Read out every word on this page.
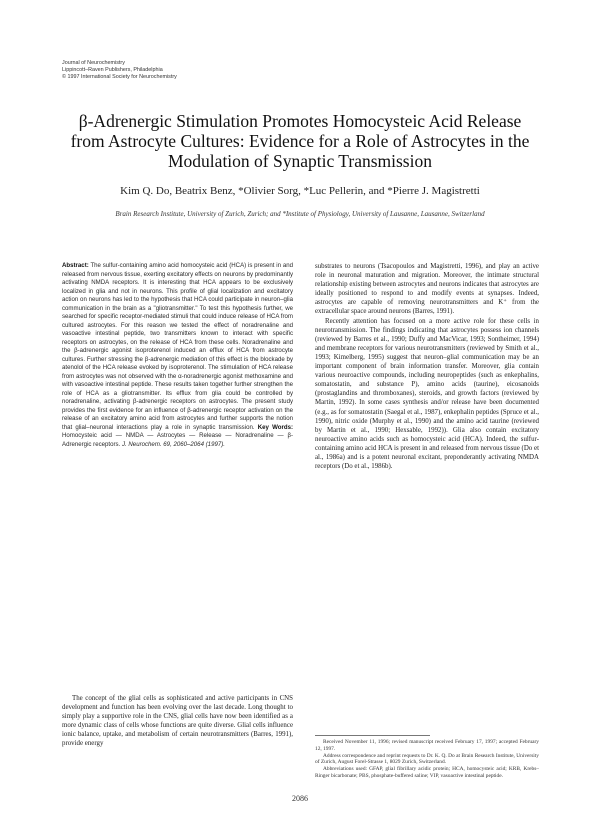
Journal of Neurochemistry
Lippincott–Raven Publishers, Philadelphia
© 1997 International Society for Neurochemistry
β-Adrenergic Stimulation Promotes Homocysteic Acid Release from Astrocyte Cultures: Evidence for a Role of Astrocytes in the Modulation of Synaptic Transmission
Kim Q. Do, Beatrix Benz, *Olivier Sorg, *Luc Pellerin, and *Pierre J. Magistretti
Brain Research Institute, University of Zurich, Zurich; and *Institute of Physiology, University of Lausanne, Lausanne, Switzerland

Abstract: The sulfur-containing amino acid homocysteic acid (HCA) is present in and released from nervous tissue, exerting excitatory effects on neurons by predominantly activating NMDA receptors. It is interesting that HCA appears to be exclusively localized in glia and not in neurons. This profile of glial localization and excitatory action on neurons has led to the hypothesis that HCA could participate in neuron–glia communication in the brain as a "gliotransmitter." To test this hypothesis further, we searched for specific receptor-mediated stimuli that could induce release of HCA from cultured astrocytes. For this reason we tested the effect of noradrenaline and vasoactive intestinal peptide, two transmitters known to interact with specific receptors on astrocytes, on the release of HCA from these cells. Noradrenaline and the β-adrenergic agonist isoproterenol induced an efflux of HCA from astrocyte cultures. Further stressing the β-adrenergic mediation of this effect is the blockade by atenolol of the HCA release evoked by isoproterenol. The stimulation of HCA release from astrocytes was not observed with the α-noradrenergic agonist methoxamine and with vasoactive intestinal peptide. These results taken together further strengthen the role of HCA as a gliotransmitter. Its efflux from glia could be controlled by noradrenaline, activating β-adrenergic receptors on astrocytes. The present study provides the first evidence for an influence of β-adrenergic receptor activation on the release of an excitatory amino acid from astrocytes and further supports the notion that glial–neuronal interactions play a role in synaptic transmission. Key Words: Homocysteic acid — NMDA — Astrocytes — Release — Noradrenaline — β-Adrenergic receptors. J. Neurochem. 69, 2060–2064 (1997).

The concept of the glial cells as sophisticated and active participants in CNS development and function has been evolving over the last decade. Long thought to simply play a supportive role in the CNS, glial cells have now been identified as a more dynamic class of cells whose functions are quite diverse. Glial cells influence ionic balance, uptake, and metabolism of certain neurotransmitters (Barres, 1991), provide energy

substrates to neurons (Tsacopoulos and Magistretti, 1996), and play an active role in neuronal maturation and migration. Moreover, the intimate structural relationship existing between astrocytes and neurons indicates that astrocytes are ideally positioned to respond to and modify events at synapses. Indeed, astrocytes are capable of removing neurotransmitters and K⁺ from the extracellular space around neurons (Barres, 1991).

Recently attention has focused on a more active role for these cells in neurotransmission. The findings indicating that astrocytes possess ion channels (reviewed by Barres et al., 1990; Duffy and MacVicar, 1993; Sontheimer, 1994) and membrane receptors for various neurotransmitters (reviewed by Smith et al., 1993; Kimelberg, 1995) suggest that neuron–glial communication may be an important component of brain information transfer. Moreover, glia contain various neuroactive compounds, including neuropeptides (such as enkephalins, somatostatin, and substance P), amino acids (taurine), eicosanoids (prostaglandins and thromboxanes), steroids, and growth factors (reviewed by Martin, 1992). In some cases synthesis and/or release have been documented (e.g., as for somatostatin (Saegal et al., 1987), enkephalin peptides (Spruce et al., 1990), nitric oxide (Murphy et al., 1990) and the amino acid taurine (reviewed by Martin et al., 1990; Hexsable, 1992)). Glia also contain excitatory neuroactive amino acids such as homocysteic acid (HCA). Indeed, the sulfur-containing amino acid HCA is present in and released from nervous tissue (Do et al., 1986a) and is a potent neuronal excitant, preponderantly activating NMDA receptors (Do et al., 1986b).

Received November 11, 1996; revised manuscript received February 17, 1997; accepted February 12, 1997.
Address correspondence and reprint requests to Dr. K. Q. Do at Brain Research Institute, University of Zurich, August Forel-Strasse 1, 8029 Zurich, Switzerland.
Abbreviations used: GFAP, glial fibrillary acidic protein; HCA, homocysteic acid; KRB, Krebs–Ringer bicarbonate; PBS, phosphate-buffered saline; VIP, vasoactive intestinal peptide.
2086
